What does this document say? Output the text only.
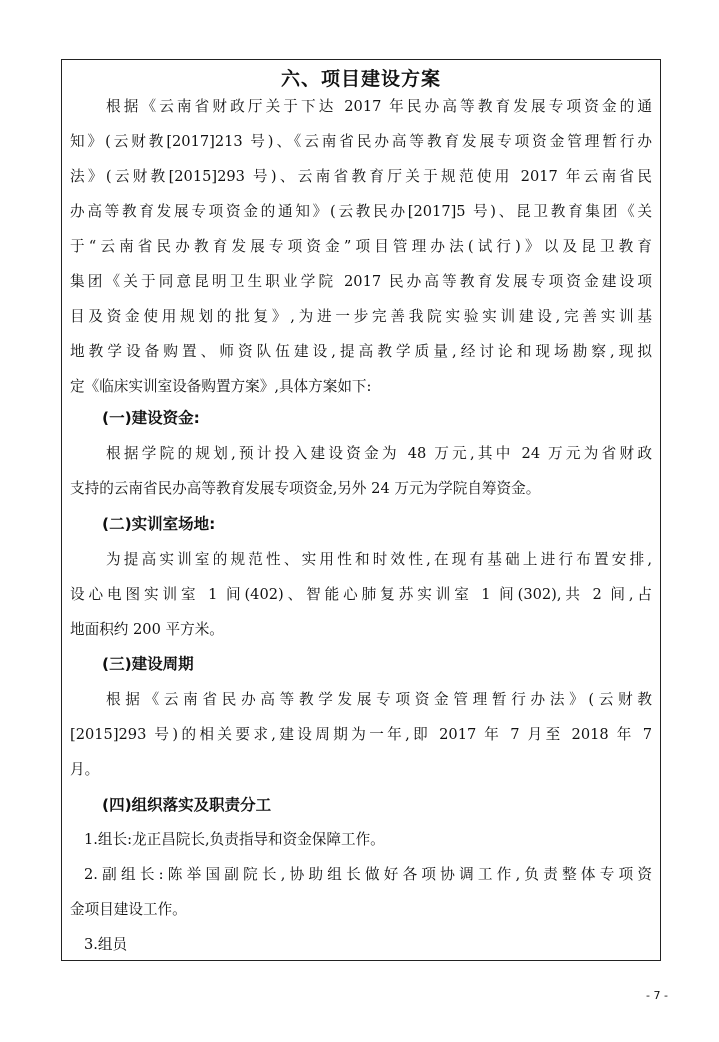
六、项目建设方案
根据《云南省财政厅关于下达 2017 年民办高等教育发展专项资金的通
知》(云财教[2017]213 号)、《云南省民办高等教育发展专项资金管理暂行办
法》(云财教[2015]293 号)、云南省教育厅关于规范使用 2017 年云南省民
办高等教育发展专项资金的通知》(云教民办[2017]5 号)、昆卫教育集团《关
于“云南省民办教育发展专项资金”项目管理办法(试行)》以及昆卫教育
集团《关于同意昆明卫生职业学院 2017 民办高等教育发展专项资金建设项
目及资金使用规划的批复》,为进一步完善我院实验实训建设,完善实训基
地教学设备购置、师资队伍建设,提高教学质量,经讨论和现场勘察,现拟
定《临床实训室设备购置方案》,具体方案如下:
(一)建设资金:
根据学院的规划,预计投入建设资金为 48 万元,其中 24 万元为省财政
支持的云南省民办高等教育发展专项资金,另外 24 万元为学院自筹资金。
(二)实训室场地:
为提高实训室的规范性、实用性和时效性,在现有基础上进行布置安排,
设心电图实训室 1 间(402)、智能心肺复苏实训室 1 间(302),共 2 间,占
地面积约 200 平方米。
(三)建设周期
根据《云南省民办高等教学发展专项资金管理暂行办法》(云财教
[2015]293 号)的相关要求,建设周期为一年,即 2017 年 7 月至 2018 年 7
月。
(四)组织落实及职责分工
1.组长:龙正昌院长,负责指导和资金保障工作。
2.副组长:陈举国副院长,协助组长做好各项协调工作,负责整体专项资
金项目建设工作。
3.组员
- 7 -
